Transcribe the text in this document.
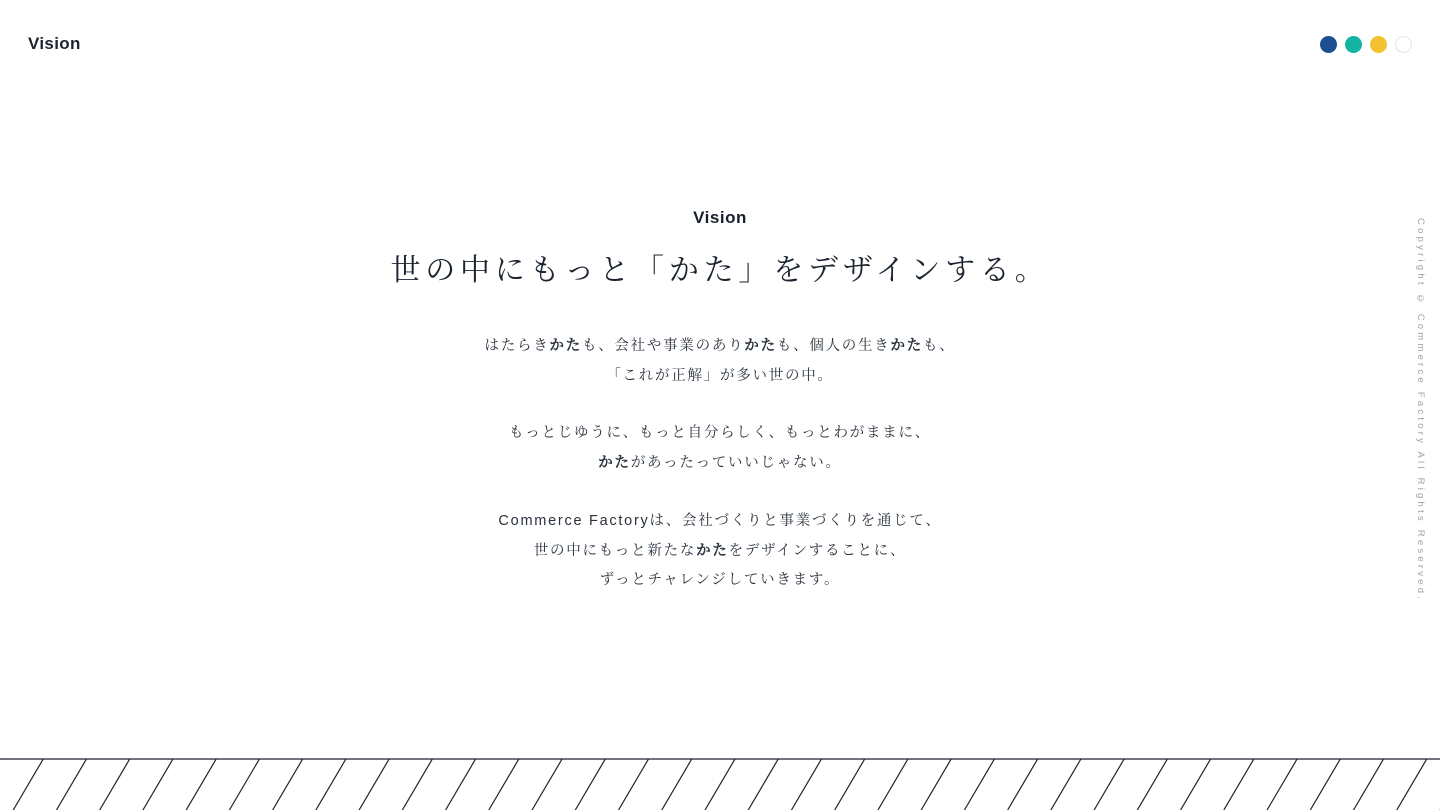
Vision
Vision
世の中にもっと「かた」をデザインする。

はたらきかたも、会社や事業のありかたも、個人の生きかたも、
「これが正解」が多い世の中。

もっとじゆうに、もっと自分らしく、もっとわがままに、
かたがあったっていいじゃない。

Commerce Factoryは、会社づくりと事業づくりを通じて、
世の中にもっと新たなかたをデザインすることに、
ずっとチャレンジしていきます。	Copyright © Commerce Factory All Rights Reserved.
